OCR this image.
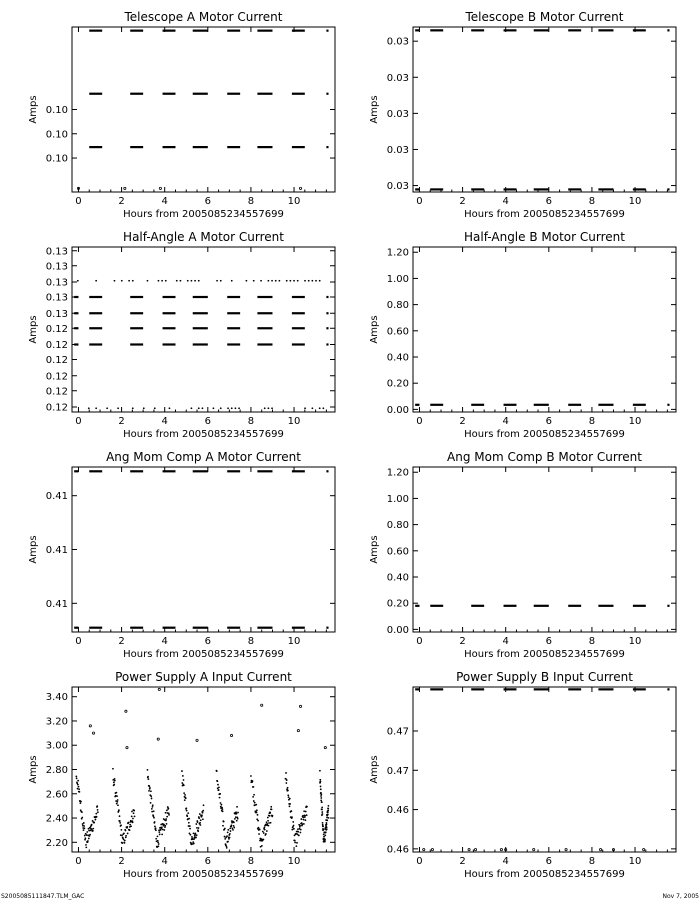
Telescope A Motor Current
0	2	4	6	8	10
0.10
0.10
0.10
Hours from 2005085234557699
Amps
Telescope B Motor Current
0	2	4	6	8	10
0.03
0.03
0.03
0.03
0.03
Hours from 2005085234557699
Amps
Half-Angle A Motor Current
0	2	4	6	8	10
0.12
0.12
0.12
0.12
0.12
0.12
0.13
0.13
0.13
0.13
0.13
Hours from 2005085234557699
Amps
Half-Angle B Motor Current
0	2	4	6	8	10
0.00
0.20
0.40
0.60
0.80
1.00
1.20
Hours from 2005085234557699
Amps
Ang Mom Comp A Motor Current
0	2	4	6	8	10
0.41
0.41
0.41
Hours from 2005085234557699
Amps
Ang Mom Comp B Motor Current
0	2	4	6	8	10
0.00
0.20
0.40
0.60
0.80
1.00
1.20
Hours from 2005085234557699
Amps
Power Supply A Input Current
0	2	4	6	8	10
2.20
2.40
2.60
2.80
3.00
3.20
3.40
Hours from 2005085234557699
Amps
Power Supply B Input Current
0	2	4	6	8	10
0.46
0.46
0.47
0.47
Hours from 2005085234557699
Amps
S2005085111847.TLM_GAC	Nov 7, 2005
